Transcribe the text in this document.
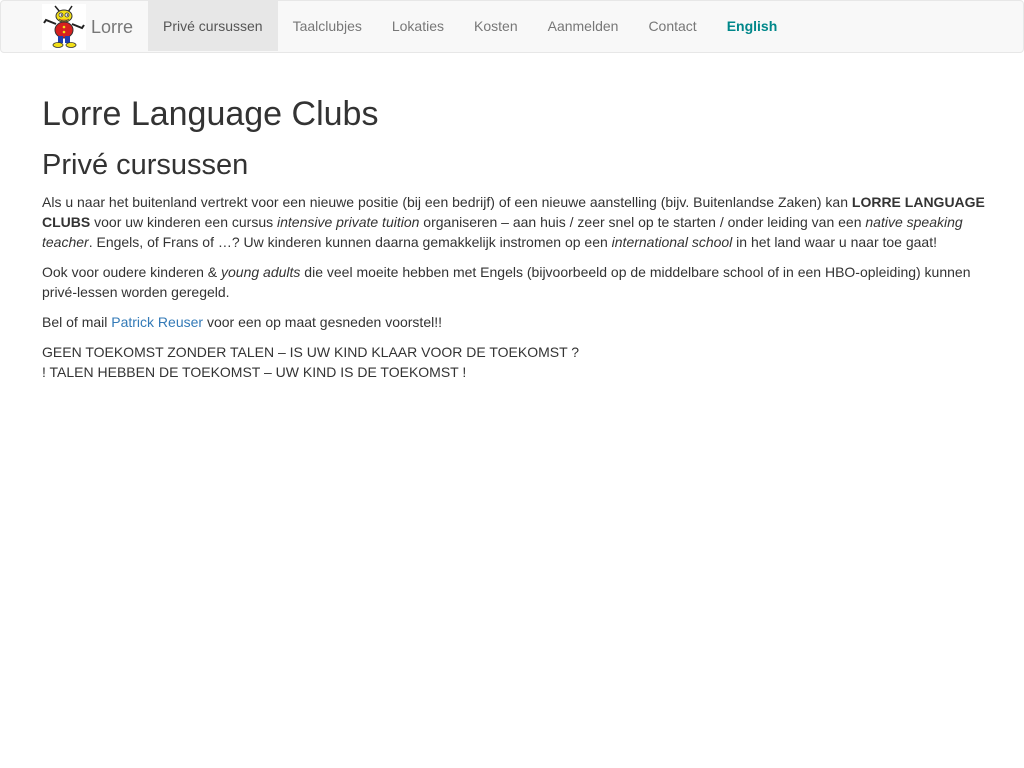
Lorre	Privé cursussen	Taalclubjes	Lokaties	Kosten	Aanmelden	Contact	English
Lorre Language Clubs
Privé cursussen

Als u naar het buitenland vertrekt voor een nieuwe positie (bij een bedrijf) of een nieuwe aanstelling (bijv. Buitenlandse Zaken) kan LORRE LANGUAGE CLUBS voor uw kinderen een cursus intensive private tuition organiseren – aan huis / zeer snel op te starten / onder leiding van een native speaking teacher. Engels, of Frans of …? Uw kinderen kunnen daarna gemakkelijk instromen op een international school in het land waar u naar toe gaat!

Ook voor oudere kinderen & young adults die veel moeite hebben met Engels (bijvoorbeeld op de middelbare school of in een HBO-opleiding) kunnen privé-lessen worden geregeld.

Bel of mail Patrick Reuser voor een op maat gesneden voorstel!!

GEEN TOEKOMST ZONDER TALEN – IS UW KIND KLAAR VOOR DE TOEKOMST ?
! TALEN HEBBEN DE TOEKOMST – UW KIND IS DE TOEKOMST !
